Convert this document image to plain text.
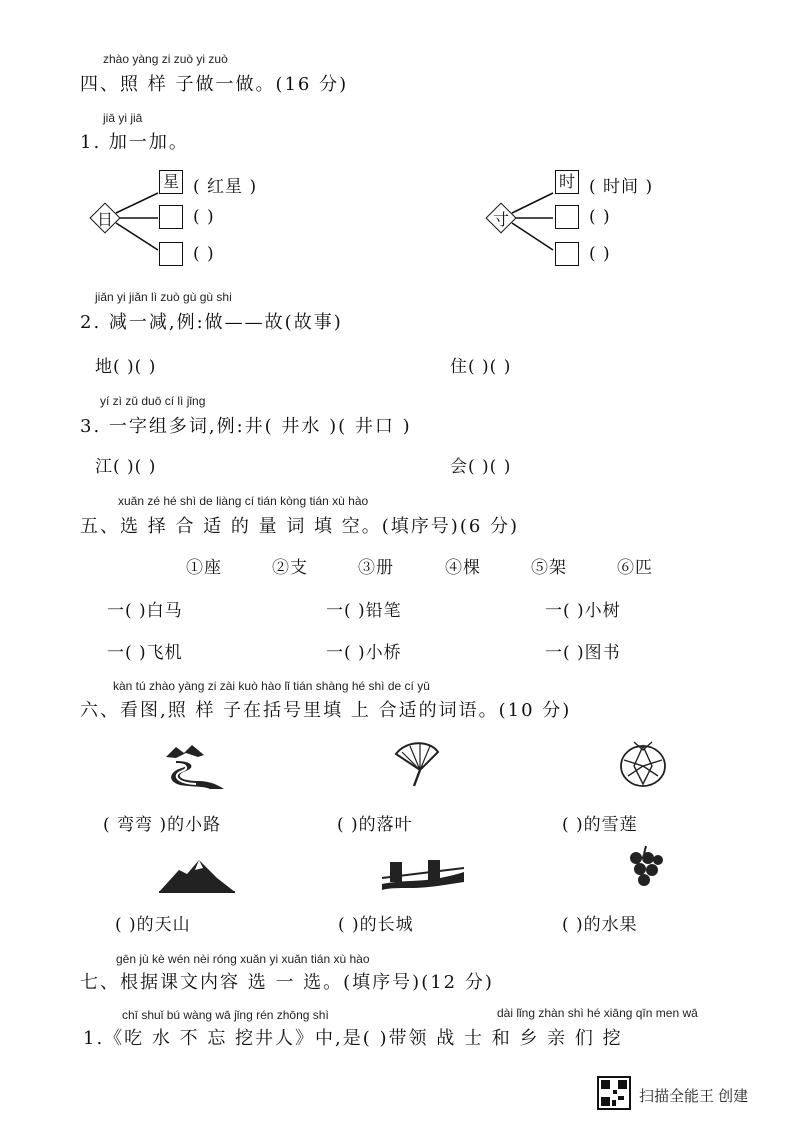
zhào yàng zi zuò yi zuò
四、照 样 子做一做。(16 分)
jiā yi jiā
1. 加一加。
日
星 ( 红星 )
( )
( )
寸
时 ( 时间 )
( )
( )
jiǎn yi jiǎn lì zuò gù gù shi
2. 减一减,例:做——故(故事)
地( )( )	住( )( )
yí zì zǔ duō cí lì jǐng
3. 一字组多词,例:井( 井水 )( 井口 )
江( )( )	会( )( )
xuǎn zé hé shì de liàng cí tián kòng tián xù hào
五、选 择 合 适 的 量 词 填 空。(填序号)(6 分)
①座	②支	③册	④棵	⑤架	⑥匹
一( )白马	一( )铅笔	一( )小树
一( )飞机	一( )小桥	一( )图书
kàn tú zhào yàng zi zài kuò hào lǐ tián shàng hé shì de cí yǔ
六、看图,照 样 子在括号里填 上 合适的词语。(10 分)
( 弯弯 )的小路	( )的落叶	( )的雪莲
( )的天山	( )的长城	( )的水果
gēn jù kè wén nèi róng xuǎn yi xuǎn tián xù hào
七、根据课文内容 选 一 选。(填序号)(12 分)
chī shuǐ bú wàng wā jǐng rén zhōng shì	dài lǐng zhàn shì hé xiāng qīn men wā
1.《吃 水 不 忘 挖井人》中,是( )带领 战 士 和 乡 亲 们 挖
扫描全能王 创建
